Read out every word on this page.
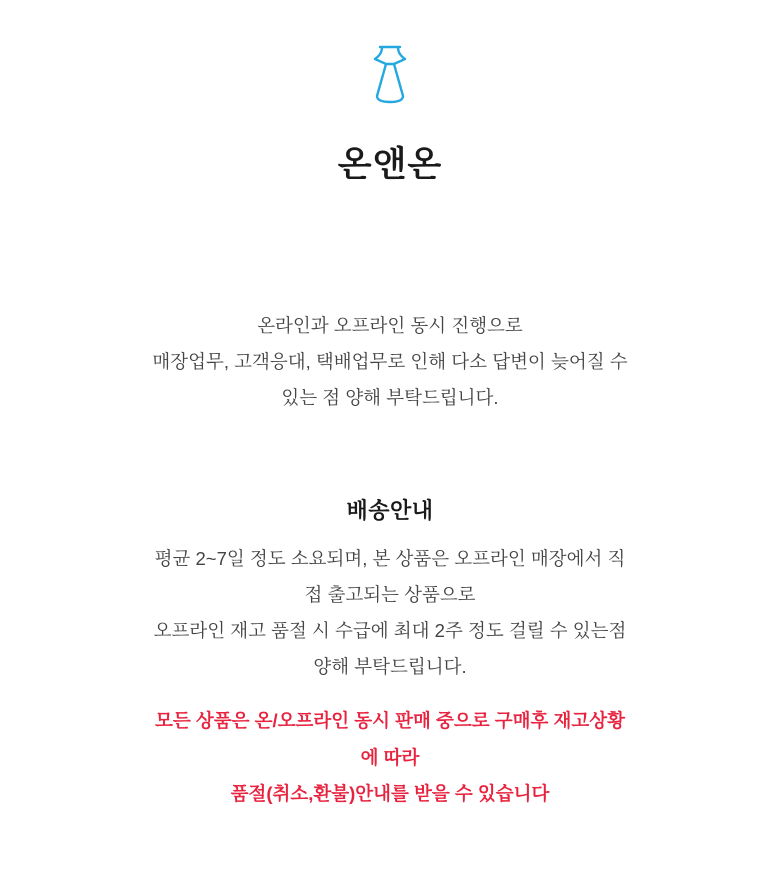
온앤온

온라인과 오프라인 동시 진행으로

매장업무, 고객응대, 택배업무로 인해 다소 답변이 늦어질 수

있는 점 양해 부탁드립니다.

배송안내

평균 2~7일 정도 소요되며, 본 상품은 오프라인 매장에서 직

접 출고되는 상품으로

오프라인 재고 품절 시 수급에 최대 2주 정도 걸릴 수 있는점

양해 부탁드립니다.

모든 상품은 온/오프라인 동시 판매 중으로 구매후 재고상황

에 따라

품절(취소,환불)안내를 받을 수 있습니다
